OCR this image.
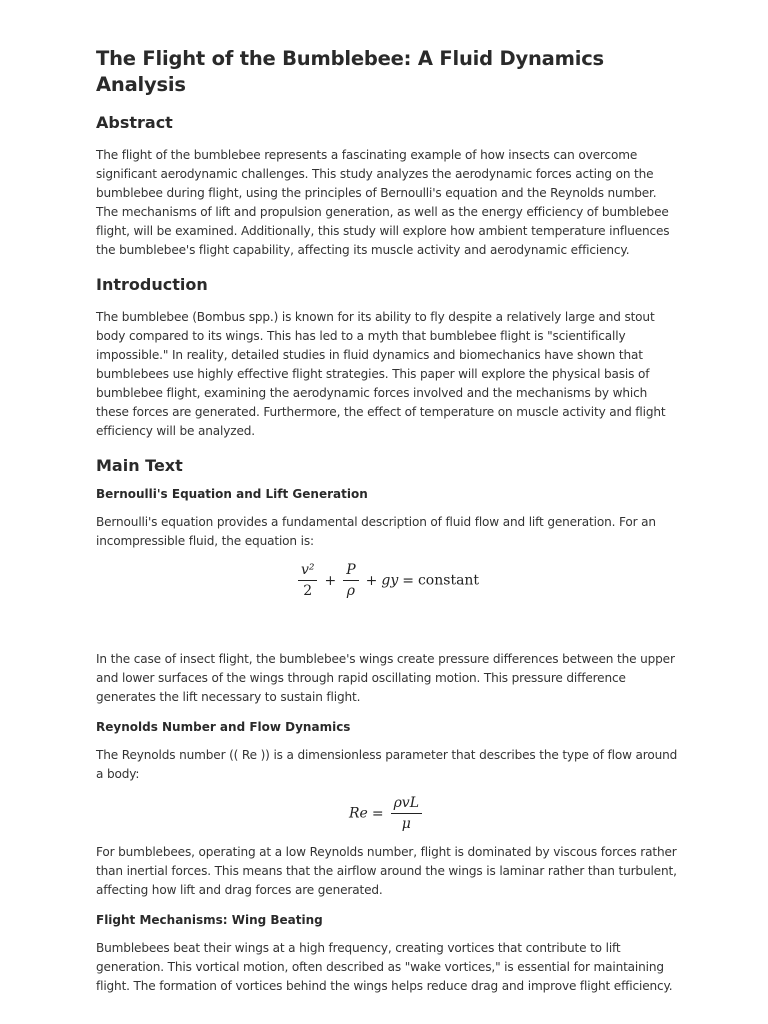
The Flight of the Bumblebee: A Fluid Dynamics Analysis
Abstract

The flight of the bumblebee represents a fascinating example of how insects can overcome significant aerodynamic challenges. This study analyzes the aerodynamic forces acting on the bumblebee during flight, using the principles of Bernoulli's equation and the Reynolds number. The mechanisms of lift and propulsion generation, as well as the energy efficiency of bumblebee flight, will be examined. Additionally, this study will explore how ambient temperature influences the bumblebee's flight capability, affecting its muscle activity and aerodynamic efficiency.

Introduction

The bumblebee (Bombus spp.) is known for its ability to fly despite a relatively large and stout body compared to its wings. This has led to a myth that bumblebee flight is "scientifically impossible." In reality, detailed studies in fluid dynamics and biomechanics have shown that bumblebees use highly effective flight strategies. This paper will explore the physical basis of bumblebee flight, examining the aerodynamic forces involved and the mechanisms by which these forces are generated. Furthermore, the effect of temperature on muscle activity and flight efficiency will be analyzed.

Main Text
Bernoulli's Equation and Lift Generation

Bernoulli's equation provides a fundamental description of fluid flow and lift generation. For an incompressible fluid, the equation is:

$\frac{\text{v²}}{2} + \frac{P}{\rho}$ + gy = constant

In the case of insect flight, the bumblebee's wings create pressure differences between the upper and lower surfaces of the wings through rapid oscillating motion. This pressure difference generates the lift necessary to sustain flight.

Reynolds Number and Flow Dynamics

The Reynolds number (( Re )) is a dimensionless parameter that describes the type of flow around a body:

$Re = \frac{\text{ρvL}}{\mu}$

For bumblebees, operating at a low Reynolds number, flight is dominated by viscous forces rather than inertial forces. This means that the airflow around the wings is laminar rather than turbulent, affecting how lift and drag forces are generated.

Flight Mechanisms: Wing Beating

Bumblebees beat their wings at a high frequency, creating vortices that contribute to lift generation. This vortical motion, often described as "wake vortices," is essential for maintaining flight. The formation of vortices behind the wings helps reduce drag and improve flight efficiency.
